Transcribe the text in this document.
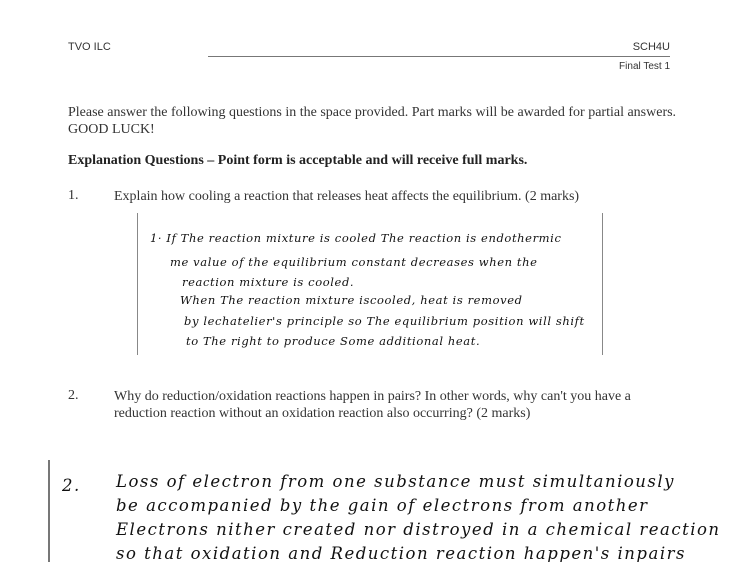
TVO ILC	SCH4U
Final Test 1
Please answer the following questions in the space provided. Part marks will be awarded for partial answers. GOOD LUCK!
Explanation Questions – Point form is acceptable and will receive full marks.
1.	Explain how cooling a reaction that releases heat affects the equilibrium. (2 marks)
1· If The reaction mixture is cooled The reaction is endothermic
me value of the equilibrium constant decreases when the
reaction mixture is cooled.
When The reaction mixture iscooled, heat is removed
by lechatelier's principle so The equilibrium position will shift
to The right to produce Some additional heat.
2.	Why do reduction/oxidation reactions happen in pairs? In other words, why can't you have a reduction reaction without an oxidation reaction also occurring? (2 marks)
2. Loss of electron from one substance must simultaniously
be accompanied by the gain of electrons from another
Electrons nither created nor distroyed in a chemical reaction
so that oxidation and Reduction reaction happen's inpairs
